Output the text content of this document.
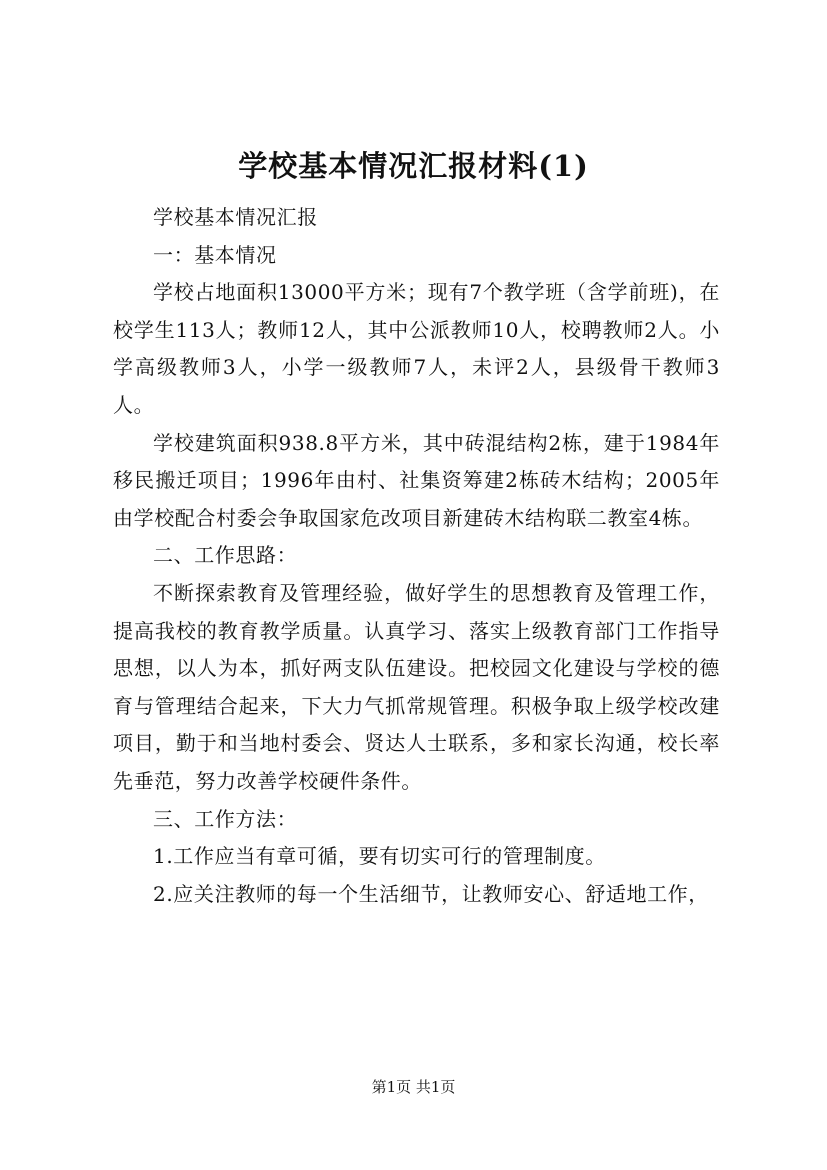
学校基本情况汇报材料(1)

学校基本情况汇报

一：基本情况

学校占地面积13000平方米；现有7个教学班（含学前班)，在校学生113人；教师12人，其中公派教师10人，校聘教师2人。小学高级教师3人，小学一级教师7人，未评2人，县级骨干教师3人。

学校建筑面积938.8平方米，其中砖混结构2栋，建于1984年移民搬迁项目；1996年由村、社集资筹建2栋砖木结构；2005年由学校配合村委会争取国家危改项目新建砖木结构联二教室4栋。

二、工作思路：

不断探索教育及管理经验，做好学生的思想教育及管理工作，提高我校的教育教学质量。认真学习、落实上级教育部门工作指导思想，以人为本，抓好两支队伍建设。把校园文化建设与学校的德育与管理结合起来，下大力气抓常规管理。积极争取上级学校改建项目，勤于和当地村委会、贤达人士联系，多和家长沟通，校长率先垂范，努力改善学校硬件条件。

三、工作方法：

1.工作应当有章可循，要有切实可行的管理制度。

2.应关注教师的每一个生活细节，让教师安心、舒适地工作，

第1页 共1页
